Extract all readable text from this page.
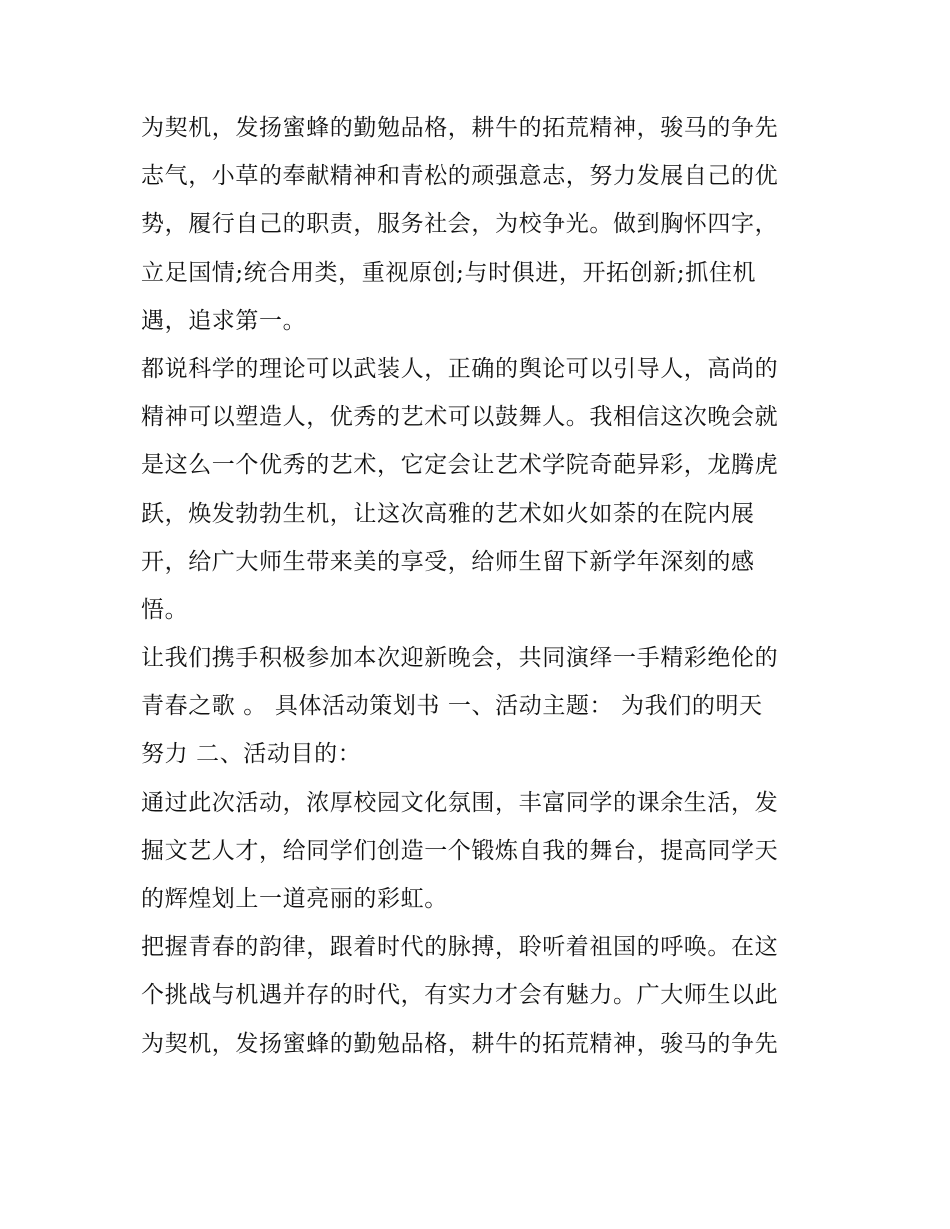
为契机，发扬蜜蜂的勤勉品格，耕牛的拓荒精神，骏马的争先
志气，小草的奉献精神和青松的顽强意志，努力发展自己的优
势，履行自己的职责，服务社会，为校争光。做到胸怀四字，
立足国情;统合用类，重视原创;与时俱进，开拓创新;抓住机
遇，追求第一。
都说科学的理论可以武装人，正确的舆论可以引导人，高尚的
精神可以塑造人，优秀的艺术可以鼓舞人。我相信这次晚会就
是这么一个优秀的艺术，它定会让艺术学院奇葩异彩，龙腾虎
跃，焕发勃勃生机，让这次高雅的艺术如火如荼的在院内展
开，给广大师生带来美的享受，给师生留下新学年深刻的感
悟。
让我们携手积极参加本次迎新晚会，共同演绎一手精彩绝伦的
青春之歌 。 具体活动策划书 一、活动主题： 为我们的明天
努力 二、活动目的：
通过此次活动，浓厚校园文化氛围，丰富同学的课余生活，发
掘文艺人才，给同学们创造一个锻炼自我的舞台，提高同学天
的辉煌划上一道亮丽的彩虹。
把握青春的韵律，跟着时代的脉搏，聆听着祖国的呼唤。在这
个挑战与机遇并存的时代，有实力才会有魅力。广大师生以此
为契机，发扬蜜蜂的勤勉品格，耕牛的拓荒精神，骏马的争先
